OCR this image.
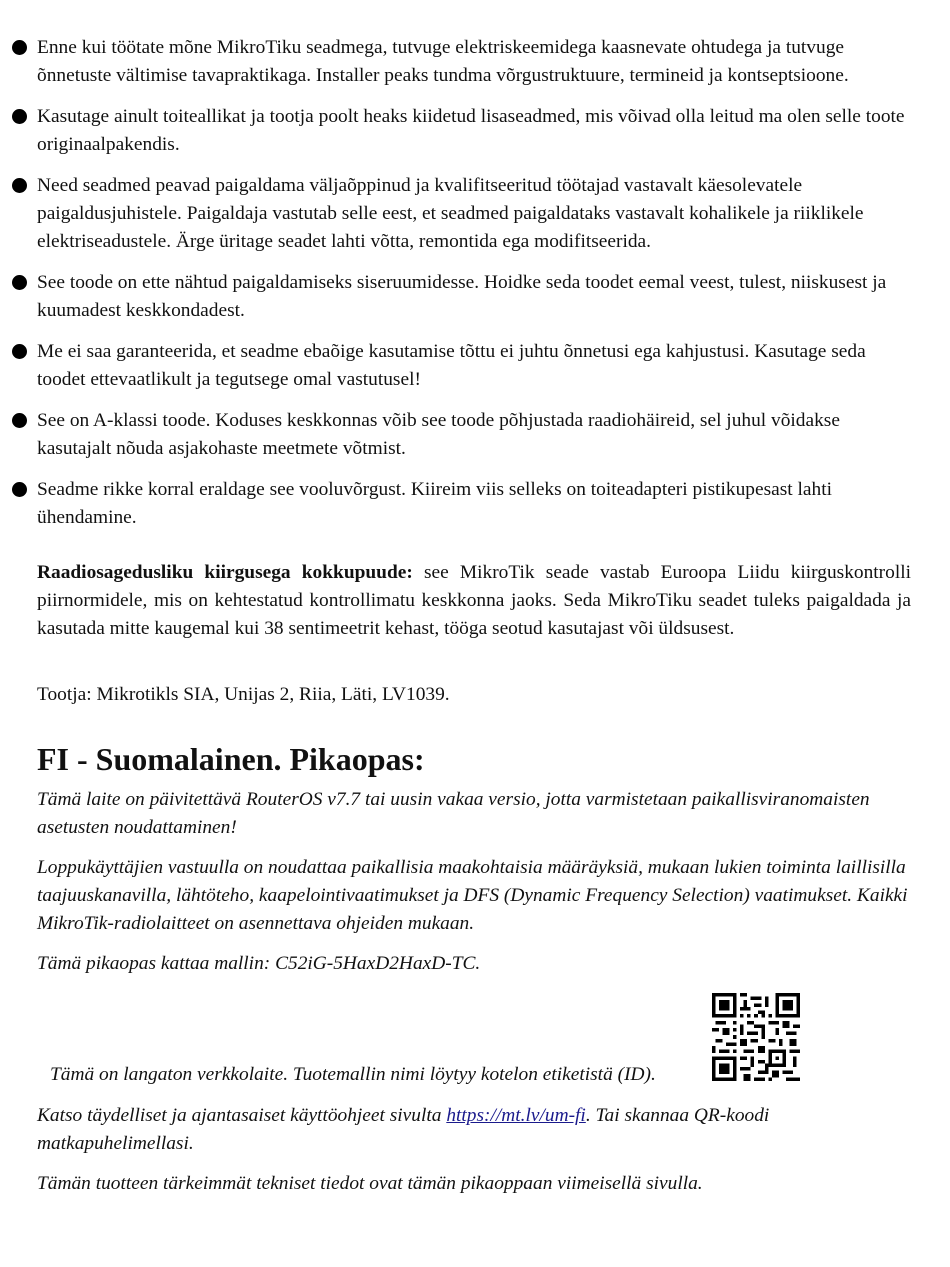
Enne kui töötate mõne MikroTiku seadmega, tutvuge elektriskeemidega kaasnevate ohtudega ja tutvuge õnnetuste vältimise tavapraktikaga. Installer peaks tundma võrgustruktuure, termineid ja kontseptsioone.
Kasutage ainult toiteallikat ja tootja poolt heaks kiidetud lisaseadmed, mis võivad olla leitud ma olen selle toote originaalpakendis.
Need seadmed peavad paigaldama väljaõppinud ja kvalifitseeritud töötajad vastavalt käesolevatele paigaldusjuhistele. Paigaldaja vastutab selle eest, et seadmed paigaldataks vastavalt kohalikele ja riiklikele elektriseadustele. Ärge üritage seadet lahti võtta, remontida ega modifitseerida.
See toode on ette nähtud paigaldamiseks siseruumidesse. Hoidke seda toodet eemal veest, tulest, niiskusest ja kuumadest keskkondadest.
Me ei saa garanteerida, et seadme ebaõige kasutamise tõttu ei juhtu õnnetusi ega kahjustusi. Kasutage seda toodet ettevaatlikult ja tegutsege omal vastutusel!
See on A-klassi toode. Koduses keskkonnas võib see toode põhjustada raadiohäireid, sel juhul võidakse kasutajalt nõuda asjakohaste meetmete võtmist.
Seadme rikke korral eraldage see vooluvõrgust. Kiireim viis selleks on toiteadapteri pistikupesast lahti ühendamine.
Raadiosagedusliku kiirgusega kokkupuude: see MikroTik seade vastab Euroopa Liidu kiirguskontrolli piirnormidele, mis on kehtestatud kontrollimatu keskkonna jaoks. Seda MikroTiku seadet tuleks paigaldada ja kasutada mitte kaugemal kui 38 sentimeetrit kehast, tööga seotud kasutajast või üldsusest.
Tootja: Mikrotikls SIA, Unijas 2, Riia, Läti, LV1039.
FI - Suomalainen. Pikaopas:
Tämä laite on päivitettävä RouterOS v7.7 tai uusin vakaa versio, jotta varmistetaan paikallisviranomaisten asetusten noudattaminen!
Loppukäyttäjien vastuulla on noudattaa paikallisia maakohtaisia määräyksiä, mukaan lukien toiminta laillisilla taajuuskanavilla, lähtöteho, kaapelointivaatimukset ja DFS (Dynamic Frequency Selection) vaatimukset. Kaikki MikroTik-radiolaitteet on asennettava ohjeiden mukaan.
Tämä pikaopas kattaa mallin: C52iG-5HaxD2HaxD-TC.
Tämä on langaton verkkolaite. Tuotemallin nimi löytyy kotelon etiketistä (ID).
Katso täydelliset ja ajantasaiset käyttöohjeet sivulta https://mt.lv/um-fi. Tai skannaa QR-koodi matkapuhelimellasi.
Tämän tuotteen tärkeimmät tekniset tiedot ovat tämän pikaoppaan viimeisellä sivulla.
